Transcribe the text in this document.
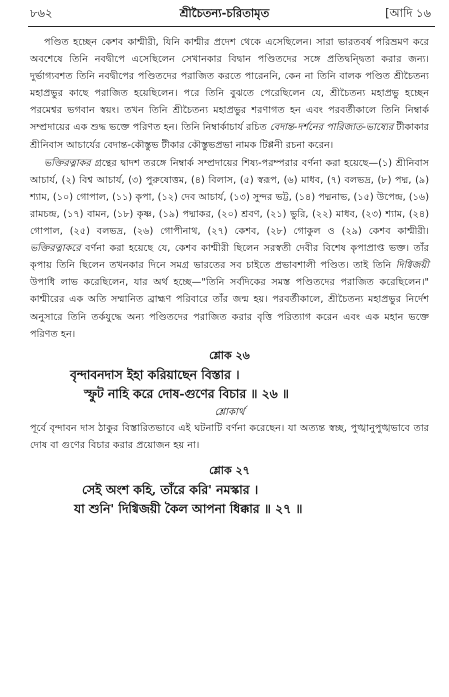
৮৬২	শ্রীচৈতন্য-চরিতামৃত	[আদি ১৬

পণ্ডিত হচ্ছেন কেশব কাশ্মীরী, যিনি কাশ্মীর প্রদেশ থেকে এসেছিলেন। সারা ভারতবর্ষ পরিভ্রমণ করে অবশেষে তিনি নবদ্বীপে এসেছিলেন সেখানকার বিদ্বান পণ্ডিতদের সঙ্গে প্রতিদ্বন্দ্বিতা করার জন্য। দুর্ভাগ্যবশত তিনি নবদ্বীপের পণ্ডিতদের পরাজিত করতে পারেননি, কেন না তিনি বালক পণ্ডিত শ্রীচৈতন্য মহাপ্রভুর কাছে পরাজিত হয়েছিলেন। পরে তিনি বুঝতে পেরেছিলেন যে, শ্রীচৈতন্য মহাপ্রভু হচ্ছেন পরমেশ্বর ভগবান স্বয়ং। তখন তিনি শ্রীচৈতন্য মহাপ্রভুর শরণাগত হন এবং পরবর্তীকালে তিনি নিম্বার্ক সম্প্রদায়ের এক শুদ্ধ ভক্তে পরিণত হন। তিনি নিম্বার্কাচার্য রচিত বেদান্ত-দর্শনের পারিজাত-ভাষ্যের টীকাকার শ্রীনিবাস আচার্যের বেদান্ত-কৌস্তুভ টীকার কৌস্তুভপ্রভা নামক টিপ্পনী রচনা করেন।

ভক্তিরত্নাকর গ্রন্থের দ্বাদশ তরঙ্গে নিম্বার্ক সম্প্রদায়ের শিষ্য-পরম্পরার বর্ণনা করা হয়েছে—(১) শ্রীনিবাস আচার্য, (২) বিশ্ব আচার্য, (৩) পুরুষোত্তম, (৪) বিলাস, (৫) স্বরূপ, (৬) মাধব, (৭) বলভদ্র, (৮) পদ্ম, (৯) শ্যাম, (১০) গোপাল, (১১) কৃপা, (১২) দেব আচার্য, (১৩) সুন্দর ভট্ট, (১৪) পদ্মনাভ, (১৫) উপেন্দ্র, (১৬) রামচন্দ্র, (১৭) বামন, (১৮) কৃষ্ণ, (১৯) পদ্মাকর, (২০) শ্রবণ, (২১) ভুরি, (২২) মাধব, (২৩) শ্যাম, (২৪) গোপাল, (২৫) বলভদ্র, (২৬) গোপীনাথ, (২৭) কেশব, (২৮) গোকুল ও (২৯) কেশব কাশ্মীরী। ভক্তিরত্নাকরে বর্ণনা করা হয়েছে যে, কেশব কাশ্মীরী ছিলেন সরস্বতী দেবীর বিশেষ কৃপাপ্রাপ্ত ভক্ত। তাঁর কৃপায় তিনি ছিলেন তখনকার দিনে সমগ্র ভারতের সব চাইতে প্রভাবশালী পণ্ডিত। তাই তিনি দিগ্বিজয়ী উপাধি লাভ করেছিলেন, যার অর্থ হচ্ছে—"তিনি সর্বদিকের সমস্ত পণ্ডিতদের পরাজিত করেছিলেন।" কাশ্মীরের এক অতি সম্মানিত ব্রাহ্মণ পরিবারে তাঁর জন্ম হয়। পরবর্তীকালে, শ্রীচৈতন্য মহাপ্রভুর নির্দেশ অনুসারে তিনি তর্কযুদ্ধে অন্য পণ্ডিতদের পরাজিত করার বৃত্তি পরিত্যাগ করেন এবং এক মহান ভক্তে পরিণত হন।

শ্লোক ২৬

বৃন্দাবনদাস ইহা করিয়াছেন বিস্তার ।

স্ফুট নাহি করে দোষ-গুণের বিচার ॥ ২৬ ॥

শ্লোকার্থ

পূর্বে বৃন্দাবন দাস ঠাকুর বিস্তারিতভাবে এই ঘটনাটি বর্ণনা করেছেন। যা অত্যন্ত স্বচ্ছ, পুঙ্খানুপুঙ্খভাবে তার দোষ বা গুণের বিচার করার প্রয়োজন হয় না।

শ্লোক ২৭

সেই অংশ কহি, তাঁরে করি' নমস্কার ।

যা শুনি' দিগ্বিজয়ী কৈল আপনা ধিক্কার ॥ ২৭ ॥
